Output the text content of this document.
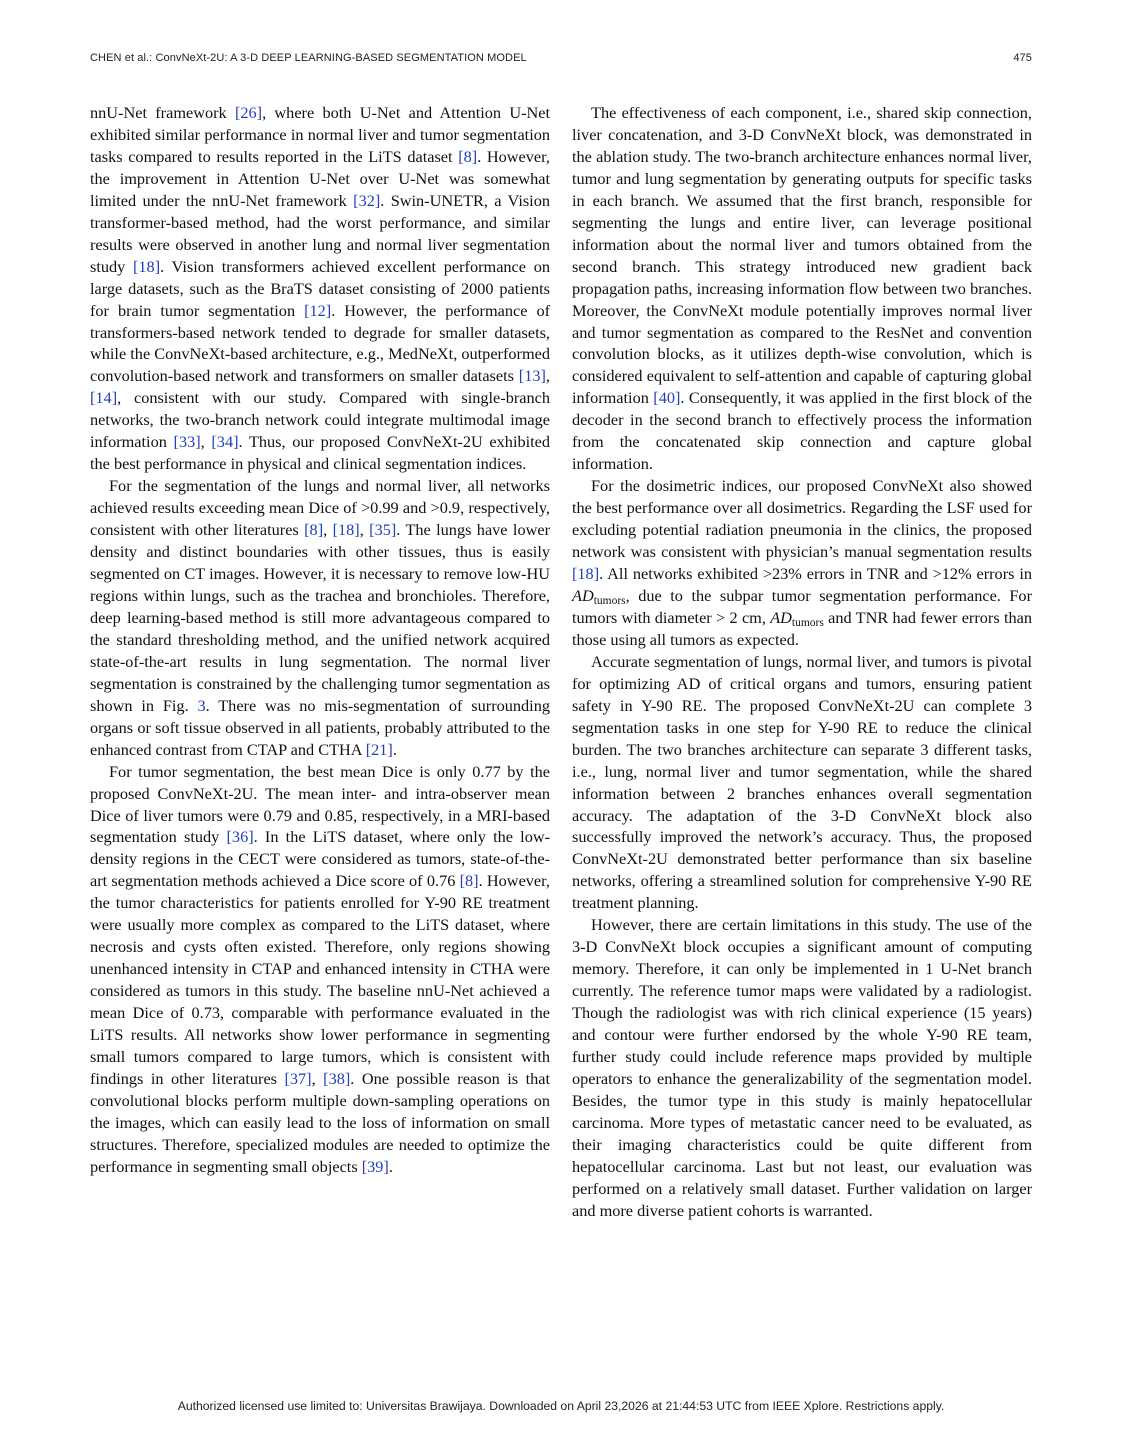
CHEN et al.: ConvNeXt-2U: A 3-D DEEP LEARNING-BASED SEGMENTATION MODEL	475

nnU-Net framework [26], where both U-Net and Attention U-Net exhibited similar performance in normal liver and tumor segmentation tasks compared to results reported in the LiTS dataset [8]. However, the improvement in Attention U-Net over U-Net was somewhat limited under the nnU-Net framework [32]. Swin-UNETR, a Vision transformer-based method, had the worst performance, and similar results were observed in another lung and normal liver segmentation study [18]. Vision transformers achieved excellent performance on large datasets, such as the BraTS dataset consisting of 2000 patients for brain tumor segmentation [12]. However, the performance of transformers-based network tended to degrade for smaller datasets, while the ConvNeXt-based architecture, e.g., MedNeXt, outperformed convolution-based network and transformers on smaller datasets [13], [14], consistent with our study. Compared with single-branch networks, the two-branch network could integrate multimodal image information [33], [34]. Thus, our proposed ConvNeXt-2U exhibited the best performance in physical and clinical segmentation indices.

For the segmentation of the lungs and normal liver, all networks achieved results exceeding mean Dice of >0.99 and >0.9, respectively, consistent with other literatures [8], [18], [35]. The lungs have lower density and distinct boundaries with other tissues, thus is easily segmented on CT images. However, it is necessary to remove low-HU regions within lungs, such as the trachea and bronchioles. Therefore, deep learning-based method is still more advantageous compared to the standard thresholding method, and the unified network acquired state-of-the-art results in lung segmentation. The normal liver segmentation is constrained by the challenging tumor segmentation as shown in Fig. 3. There was no mis-segmentation of surrounding organs or soft tissue observed in all patients, probably attributed to the enhanced contrast from CTAP and CTHA [21].

For tumor segmentation, the best mean Dice is only 0.77 by the proposed ConvNeXt-2U. The mean inter- and intra-observer mean Dice of liver tumors were 0.79 and 0.85, respectively, in a MRI-based segmentation study [36]. In the LiTS dataset, where only the low-density regions in the CECT were considered as tumors, state-of-the-art segmentation methods achieved a Dice score of 0.76 [8]. However, the tumor characteristics for patients enrolled for Y-90 RE treatment were usually more complex as compared to the LiTS dataset, where necrosis and cysts often existed. Therefore, only regions showing unenhanced intensity in CTAP and enhanced intensity in CTHA were considered as tumors in this study. The baseline nnU-Net achieved a mean Dice of 0.73, comparable with performance evaluated in the LiTS results. All networks show lower performance in segmenting small tumors compared to large tumors, which is consistent with findings in other literatures [37], [38]. One possible reason is that convolutional blocks perform multiple down-sampling operations on the images, which can easily lead to the loss of information on small structures. Therefore, specialized modules are needed to optimize the performance in segmenting small objects [39].

The effectiveness of each component, i.e., shared skip connection, liver concatenation, and 3-D ConvNeXt block, was demonstrated in the ablation study. The two-branch architecture enhances normal liver, tumor and lung segmentation by generating outputs for specific tasks in each branch. We assumed that the first branch, responsible for segmenting the lungs and entire liver, can leverage positional information about the normal liver and tumors obtained from the second branch. This strategy introduced new gradient back propagation paths, increasing information flow between two branches. Moreover, the ConvNeXt module potentially improves normal liver and tumor segmentation as compared to the ResNet and convention convolution blocks, as it utilizes depth-wise convolution, which is considered equivalent to self-attention and capable of capturing global information [40]. Consequently, it was applied in the first block of the decoder in the second branch to effectively process the information from the concatenated skip connection and capture global information.

For the dosimetric indices, our proposed ConvNeXt also showed the best performance over all dosimetrics. Regarding the LSF used for excluding potential radiation pneumonia in the clinics, the proposed network was consistent with physician’s manual segmentation results [18]. All networks exhibited >23% errors in TNR and >12% errors in $AD_{tumors}$, due to the subpar tumor segmentation performance. For tumors with diameter > 2 cm, $AD_{tumors}$ and TNR had fewer errors than those using all tumors as expected.

Accurate segmentation of lungs, normal liver, and tumors is pivotal for optimizing AD of critical organs and tumors, ensuring patient safety in Y-90 RE. The proposed ConvNeXt-2U can complete 3 segmentation tasks in one step for Y-90 RE to reduce the clinical burden. The two branches architecture can separate 3 different tasks, i.e., lung, normal liver and tumor segmentation, while the shared information between 2 branches enhances overall segmentation accuracy. The adaptation of the 3-D ConvNeXt block also successfully improved the network’s accuracy. Thus, the proposed ConvNeXt-2U demonstrated better performance than six baseline networks, offering a streamlined solution for comprehensive Y-90 RE treatment planning.

However, there are certain limitations in this study. The use of the 3-D ConvNeXt block occupies a significant amount of computing memory. Therefore, it can only be implemented in 1 U-Net branch currently. The reference tumor maps were validated by a radiologist. Though the radiologist was with rich clinical experience (15 years) and contour were further endorsed by the whole Y-90 RE team, further study could include reference maps provided by multiple operators to enhance the generalizability of the segmentation model. Besides, the tumor type in this study is mainly hepatocellular carcinoma. More types of metastatic cancer need to be evaluated, as their imaging characteristics could be quite different from hepatocellular carcinoma. Last but not least, our evaluation was performed on a relatively small dataset. Further validation on larger and more diverse patient cohorts is warranted.

Authorized licensed use limited to: Universitas Brawijaya. Downloaded on April 23,2026 at 21:44:53 UTC from IEEE Xplore. Restrictions apply.
